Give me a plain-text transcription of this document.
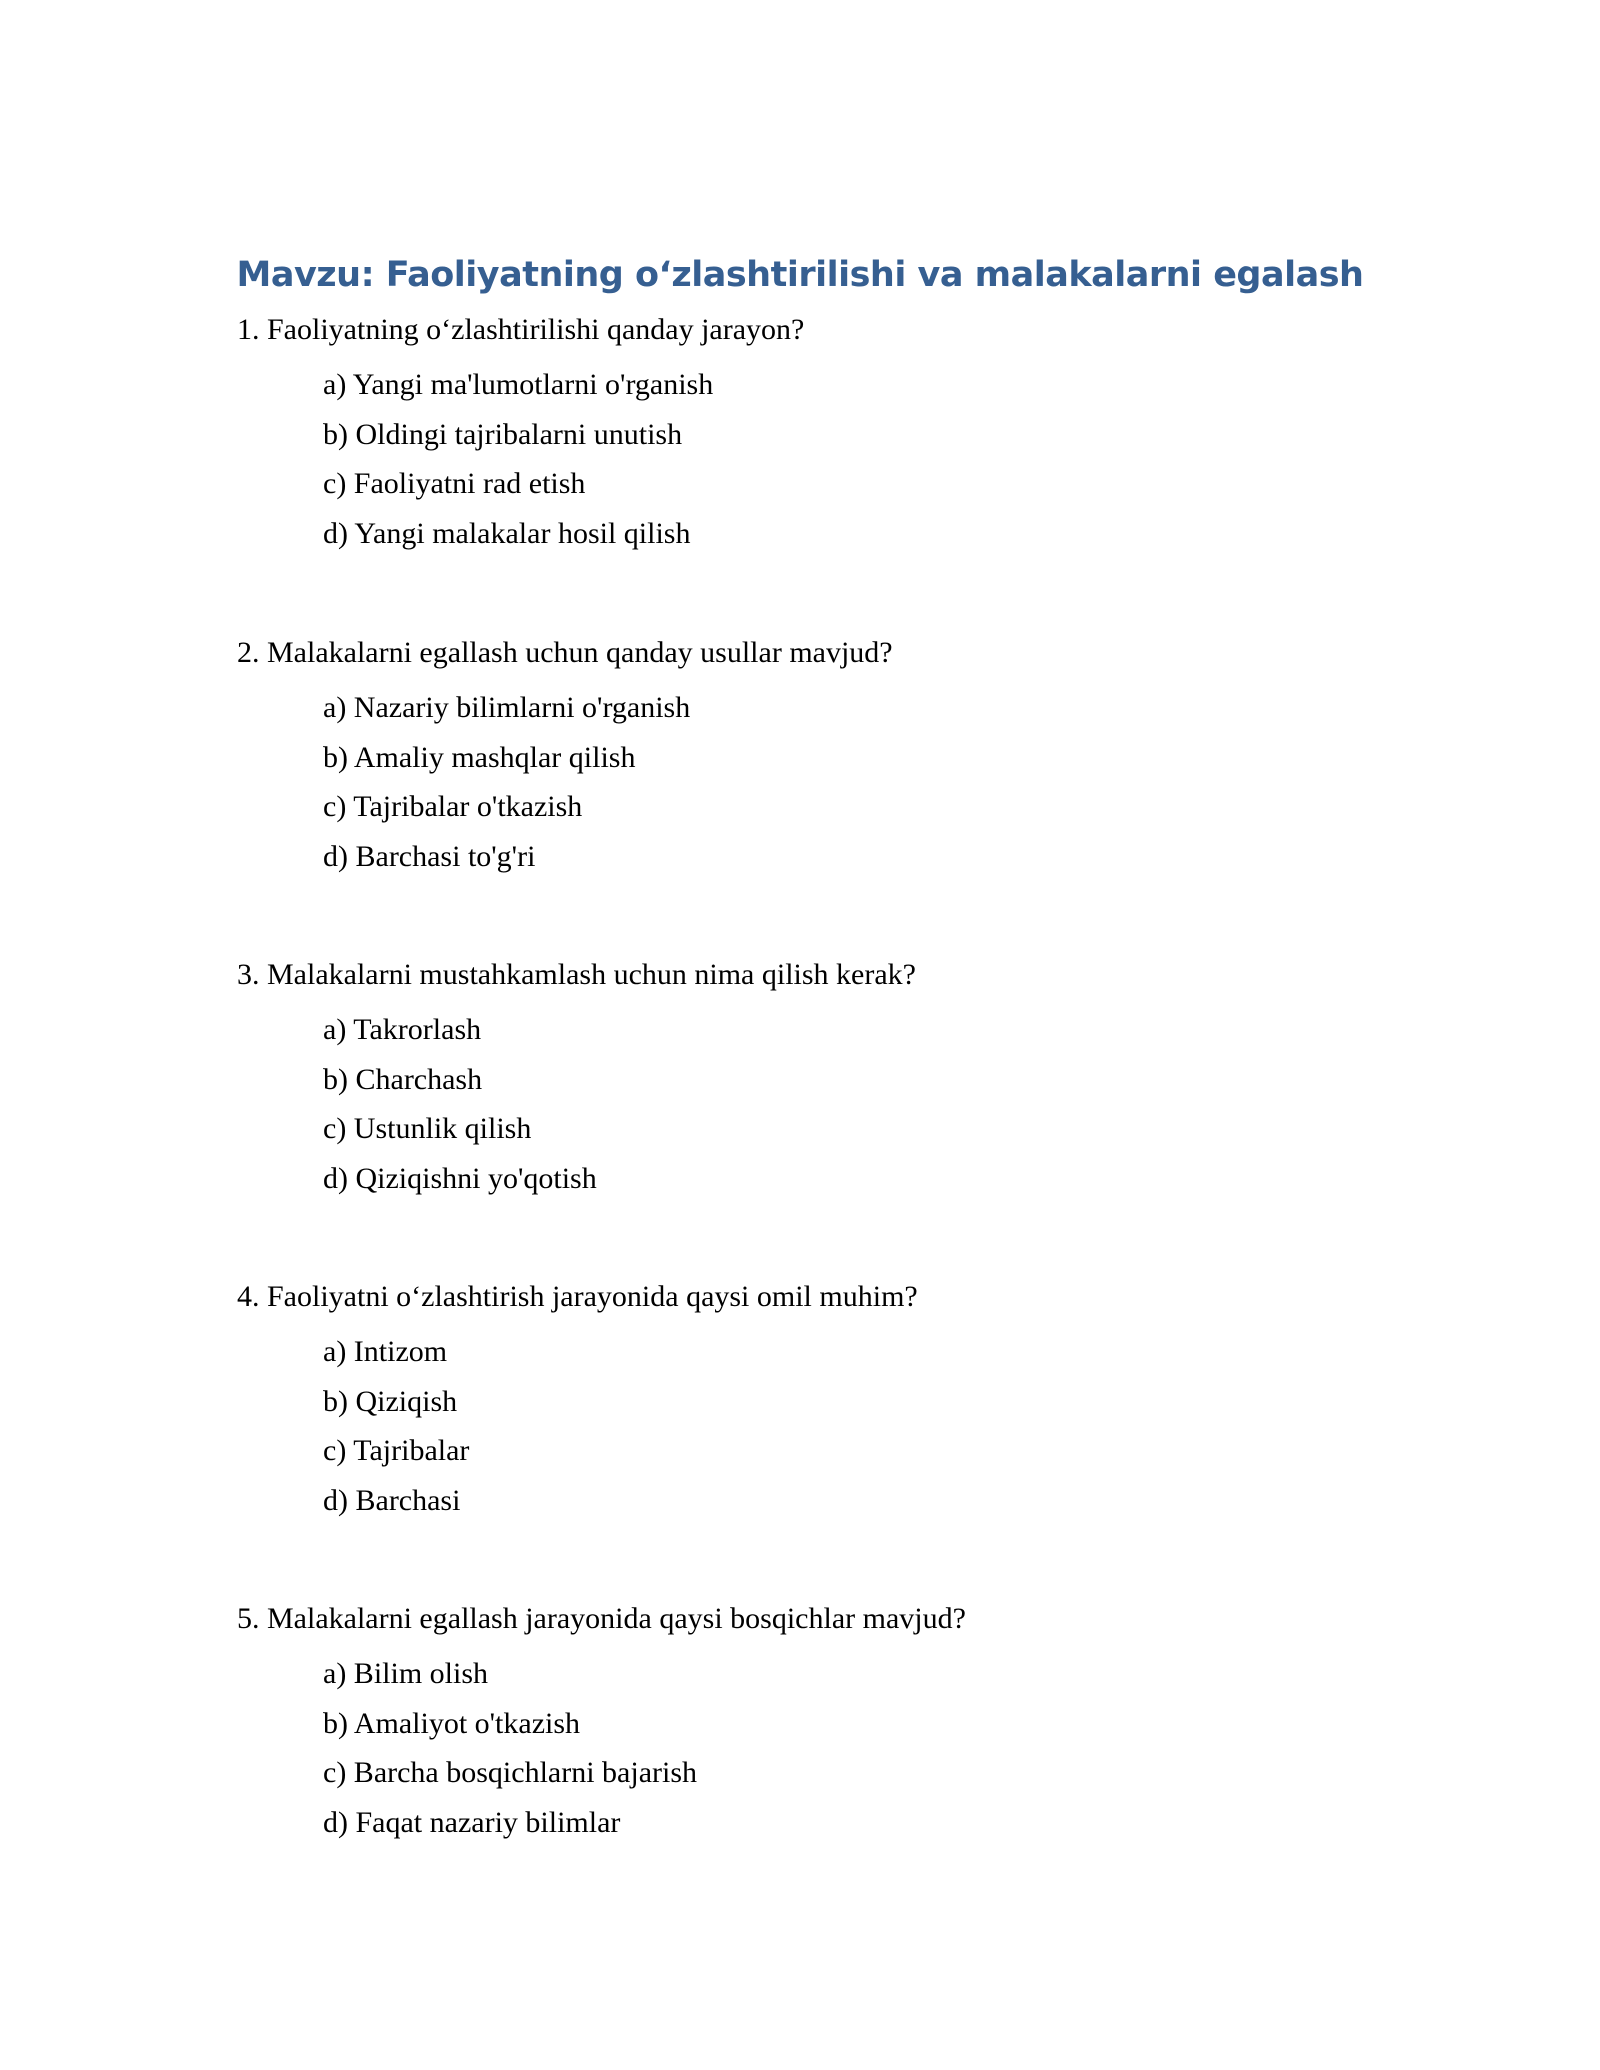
Mavzu: Faoliyatning oʻzlashtirilishi va malakalarni egalash

1. Faoliyatning oʻzlashtirilishi qanday jarayon?

a) Yangi ma'lumotlarni o'rganish
b) Oldingi tajribalarni unutish
c) Faoliyatni rad etish
d) Yangi malakalar hosil qilish

2. Malakalarni egallash uchun qanday usullar mavjud?

a) Nazariy bilimlarni o'rganish
b) Amaliy mashqlar qilish
c) Tajribalar o'tkazish
d) Barchasi to'g'ri

3. Malakalarni mustahkamlash uchun nima qilish kerak?

a) Takrorlash
b) Charchash
c) Ustunlik qilish
d) Qiziqishni yo'qotish

4. Faoliyatni oʻzlashtirish jarayonida qaysi omil muhim?

a) Intizom
b) Qiziqish
c) Tajribalar
d) Barchasi

5. Malakalarni egallash jarayonida qaysi bosqichlar mavjud?

a) Bilim olish
b) Amaliyot o'tkazish
c) Barcha bosqichlarni bajarish
d) Faqat nazariy bilimlar
